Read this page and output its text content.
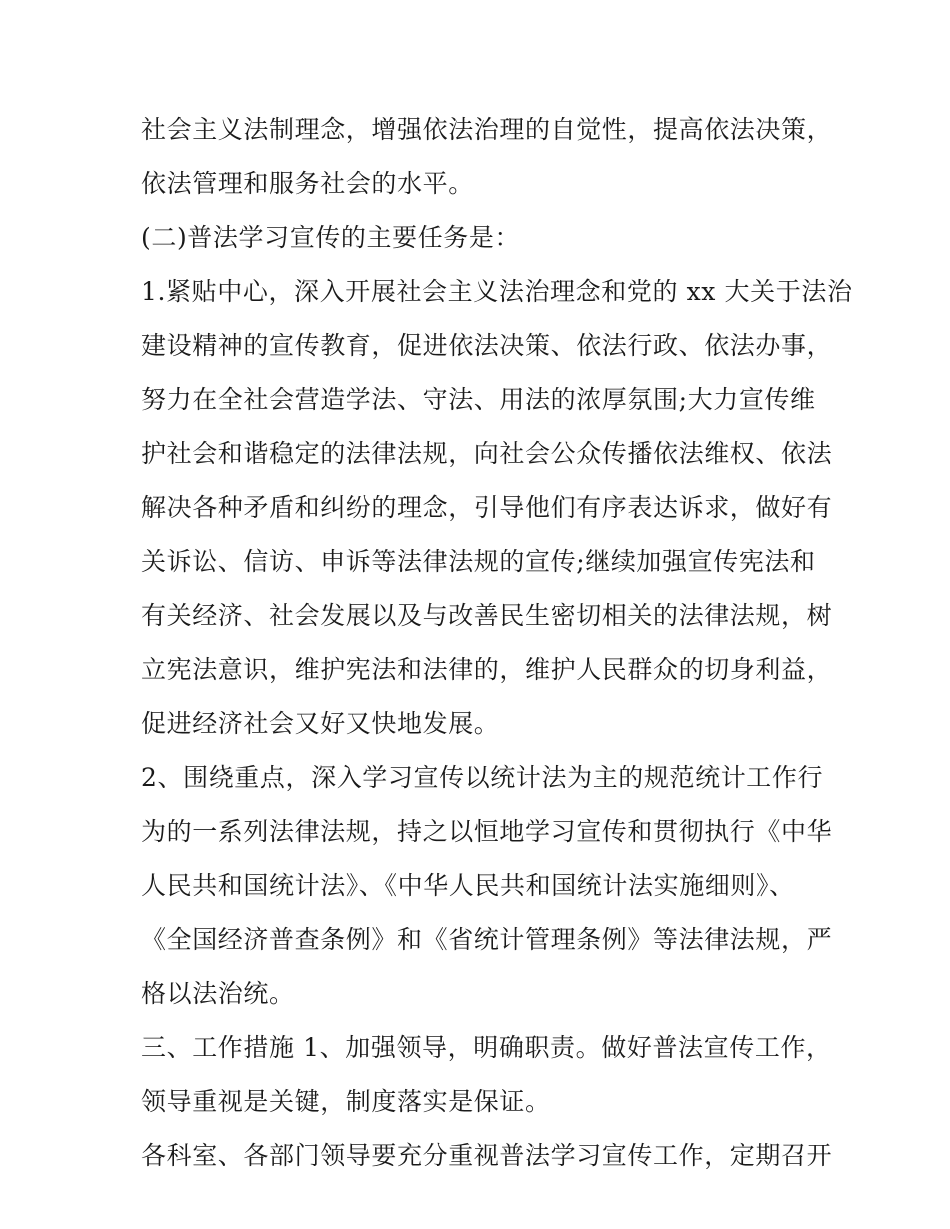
社会主义法制理念，增强依法治理的自觉性，提高依法决策，
依法管理和服务社会的水平。
(二)普法学习宣传的主要任务是：
1.紧贴中心，深入开展社会主义法治理念和党的 xx 大关于法治
建设精神的宣传教育，促进依法决策、依法行政、依法办事，
努力在全社会营造学法、守法、用法的浓厚氛围;大力宣传维
护社会和谐稳定的法律法规，向社会公众传播依法维权、依法
解决各种矛盾和纠纷的理念，引导他们有序表达诉求，做好有
关诉讼、信访、申诉等法律法规的宣传;继续加强宣传宪法和
有关经济、社会发展以及与改善民生密切相关的法律法规，树
立宪法意识，维护宪法和法律的，维护人民群众的切身利益，
促进经济社会又好又快地发展。
2、围绕重点，深入学习宣传以统计法为主的规范统计工作行
为的一系列法律法规，持之以恒地学习宣传和贯彻执行《中华
人民共和国统计法》、《中华人民共和国统计法实施细则》、
《全国经济普查条例》和《省统计管理条例》等法律法规，严
格以法治统。
三、工作措施 1、加强领导，明确职责。做好普法宣传工作，
领导重视是关键，制度落实是保证。
各科室、各部门领导要充分重视普法学习宣传工作，定期召开
